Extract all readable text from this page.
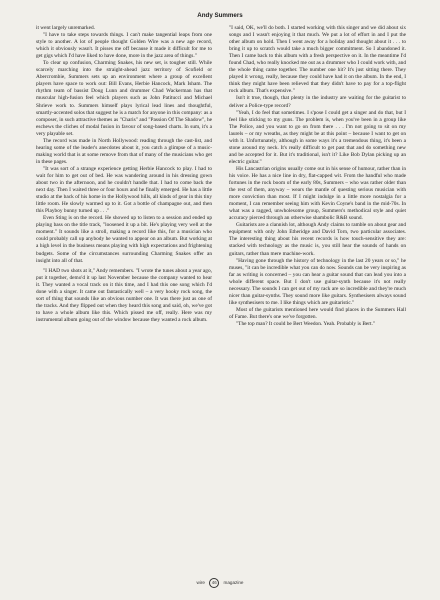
Andy Summers

it went largely unremarked.

"I have to take steps towards things. I can't make tangential leaps from one style to another. A lot of people thought Golden Wire was a new age record, which it obviously wasn't. It pisses me off because it made it difficult for me to get gigs which I'd have liked to have done, more in the jazz area of things."

To clear up confusion, Charming Snakes, his new set, is tougher still. While scarcely marching into the straight-ahead jazz territory of Scofield or Abercrombie, Summers sets up an environment where a group of excellent players have space to work out: Bill Evans, Herbie Hancock, Mark Isham. The rhythm team of bassist Doug Lunn and drummer Chad Wackerman has that muscular high-fusion feel which players such as John Patitucci and Michael Shrieve work to. Summers himself plays lyrical lead lines and thoughtful, smartly-accented solos that suggest he is a match for anyone in this company: as a composer, in such attractive themes as "Charis" and "Passion Of The Shadow", he eschews the cliches of modal fusion in favour of song-based charts. In sum, it's a very playable set.

The record was made in North Hollywood: reading through the cast-list, and hearing some of the leader's anecdotes about it, you catch a glimpse of a music-making world that is at some remove from that of many of the musicians who get in these pages.

"It was sort of a strange experience getting Herbie Hancock to play. I had to wait for him to get out of bed. He was wandering around in his dressing gown about two in the afternoon, and he couldn't handle that. I had to come back the next day. Then I waited three or four hours and he finally emerged. He has a little studio at the back of his home in the Hollywood hills, all kinds of gear in this tiny little room. He slowly warmed up to it. Got a bottle of champagne out, and then this Playboy bunny turned up . . ."

Even Sting is on the record. He showed up to listen to a session and ended up playing bass on the title track, "loosened it up a bit. He's playing very well at the moment." It sounds like a stroll, making a record like this, for a musician who could probably call up anybody he wanted to appear on an album. But working at a high level in the business means playing with high expectations and frightening budgets. Some of the circumstances surrounding Charming Snakes offer an insight into all of that.

"I HAD two shots at it," Andy remembers. "I wrote the tunes about a year ago, put it together, demo'd it up last November because the company wanted to hear it. They wanted a vocal track on it this time, and I had this one song which I'd done with a singer. It came out fantastically well – a very hooky rock song, the sort of thing that sounds like an obvious number one. It was there just as one of the tracks. And they flipped out when they heard this song and said, oh, we've got to have a whole album like this. Which pissed me off, really. Here was my instrumental album going out of the window because they wanted a rock album.

"I said, OK, we'll do both. I started working with this singer and we did about six songs and I wasn't enjoying it that much. We put a lot of effort in and I put the other album on hold. Then I went away for a holiday and thought about it . . . to bring it up to scratch would take a much bigger commitment. So I abandoned it. Then I came back to this album with a fresh perspective on it. In the meantime I'd found Chad, who really knocked me out as a drummer who I could work with, and the whole thing came together. The number one hit? It's just sitting there. They played it wrong, really, because they could have had it on the album. In the end, I think they might have been relieved that they didn't have to pay for a top-flight rock album. That's expensive."

Isn't it true, though, that plenty in the industry are waiting for the guitarist to deliver a Police-type record?

"Yeah, I do feel that sometimes. I s'pose I could get a singer and do that, but I feel like sticking to my guns. The problem is, when you've been in a group like The Police, and you want to go on from there . . . I'm not going to sit on my laurels – or my wreaths, as they might be at this point – because I want to get on with it. Unfortunately, although in some ways it's a tremendous thing, it's been a stone around my neck. It's really difficult to get past that and do something new and be accepted for it. But it's traditional, isn't it? Like Bob Dylan picking up an electric guitar."

His Lancastrian origins usually come out in his sense of humour, rather than in his voice. He has a nice line in dry, flat-capped wit. From the handful who made fortunes in the rock boom of the early 80s, Summers – who was rather older than the rest of them, anyway – wears the mantle of questing serious musician with more conviction than most. If I might indulge in a little more nostalgia for a moment, I can remember seeing him with Kevin Coyne's band in the mid-70s. In what was a ragged, unwholesome group, Summers's methodical style and quiet accuracy pierced through an otherwise shambolic R&B sound.

Guitarists are a clannish lot, although Andy claims to ramble on about gear and equipment with only John Etheridge and David Torn, two particular associates. The interesting thing about his recent records is how touch-sensitive they are: stacked with technology as the music is, you still hear the sounds of hands on guitars, rather than mere machine-work.

"Having gone through the history of technology in the last 20 years or so," he muses, "it can be incredible what you can do now. Sounds can be very inspiring as far as writing is concerned – you can hear a guitar sound that can lead you into a whole different space. But I don't use guitar-synth because it's not really necessary. The sounds I can get out of my rack are so incredible and they're much nicer than guitar-synths. They sound more like guitars. Synthesisers always sound like synthesisers to me. I like things which are guitaristic."

Most of the guitarists mentioned here would find places in the Summers Hall of Fame. But there's one we've forgotten.

"The top man? It could be Bert Weedon. Yeah. Probably is Bert."

wire 46 magazine
